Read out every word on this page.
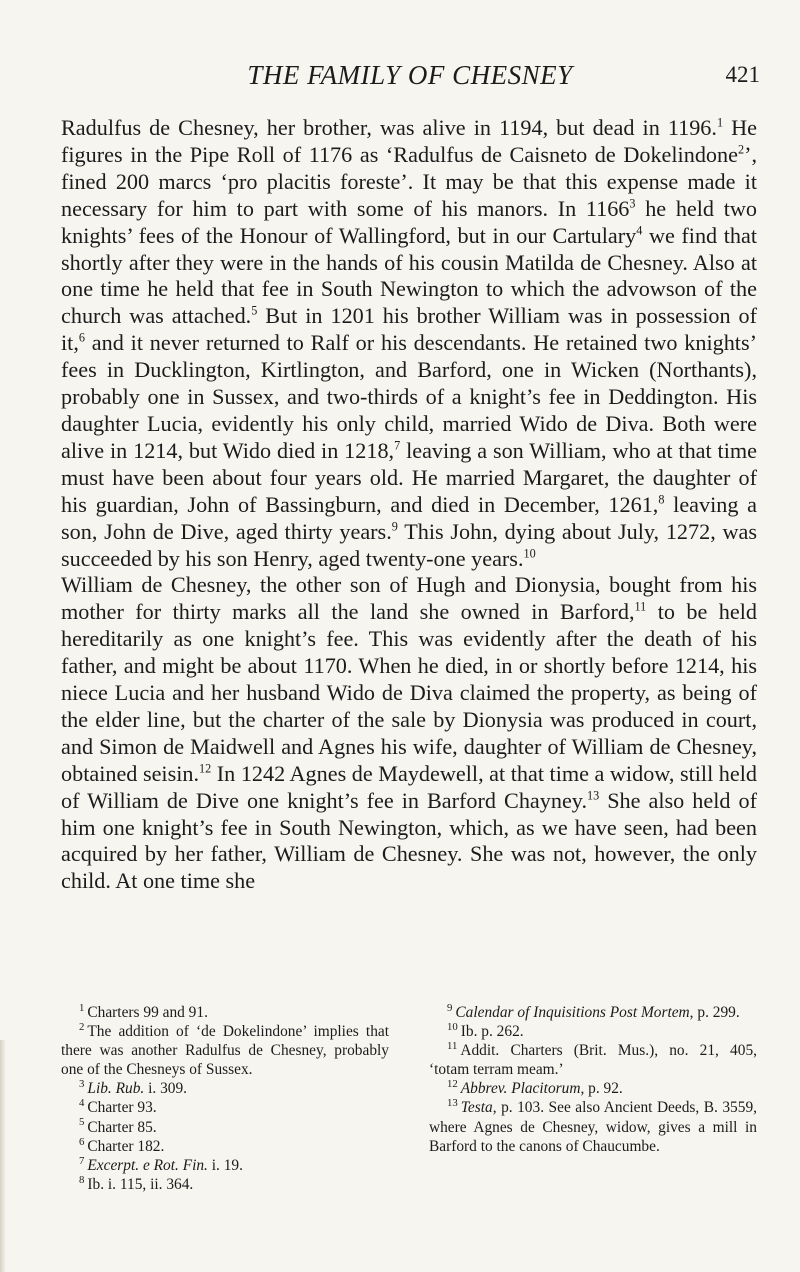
THE FAMILY OF CHESNEY	421

Radulfus de Chesney, her brother, was alive in 1194, but dead in 1196.$^1$ He figures in the Pipe Roll of 1176 as ‘Radulfus de Caisneto de Dokelindone$^2$’, fined 200 marcs ‘pro placitis foreste’. It may be that this expense made it necessary for him to part with some of his manors. In 1166$^3$ he held two knights’ fees of the Honour of Wallingford, but in our Cartulary$^4$ we find that shortly after they were in the hands of his cousin Matilda de Chesney. Also at one time he held that fee in South Newington to which the advowson of the church was attached.$^5$ But in 1201 his brother William was in possession of it,$^6$ and it never returned to Ralf or his descendants. He retained two knights’ fees in Ducklington, Kirtlington, and Barford, one in Wicken (Northants), probably one in Sussex, and two-thirds of a knight’s fee in Deddington. His daughter Lucia, evidently his only child, married Wido de Diva. Both were alive in 1214, but Wido died in 1218,$^7$ leaving a son William, who at that time must have been about four years old. He married Margaret, the daughter of his guardian, John of Bassingburn, and died in December, 1261,$^8$ leaving a son, John de Dive, aged thirty years.$^9$ This John, dying about July, 1272, was succeeded by his son Henry, aged twenty-one years.$^{10}$

William de Chesney, the other son of Hugh and Dionysia, bought from his mother for thirty marks all the land she owned in Barford,$^{11}$ to be held hereditarily as one knight’s fee. This was evidently after the death of his father, and might be about 1170. When he died, in or shortly before 1214, his niece Lucia and her husband Wido de Diva claimed the property, as being of the elder line, but the charter of the sale by Dionysia was produced in court, and Simon de Maidwell and Agnes his wife, daughter of William de Chesney, obtained seisin.$^{12}$ In 1242 Agnes de Maydewell, at that time a widow, still held of William de Dive one knight’s fee in Barford Chayney.$^{13}$ She also held of him one knight’s fee in South Newington, which, as we have seen, had been acquired by her father, William de Chesney. She was not, however, the only child. At one time she

$^1$ Charters 99 and 91.

$^2$ The addition of ‘de Dokelindone’ implies that there was another Radulfus de Chesney, probably one of the Chesneys of Sussex.

$^3$ Lib. Rub. i. 309.

$^4$ Charter 93.

$^5$ Charter 85.

$^6$ Charter 182.

$^7$ Excerpt. e Rot. Fin. i. 19.

$^8$ Ib. i. 115, ii. 364.

$^9$ Calendar of Inquisitions Post Mortem, p. 299.

$^{10}$ Ib. p. 262.

$^{11}$ Addit. Charters (Brit. Mus.), no. 21, 405, ‘totam terram meam.’

$^{12}$ Abbrev. Placitorum, p. 92.

$^{13}$ Testa, p. 103. See also Ancient Deeds, B. 3559, where Agnes de Chesney, widow, gives a mill in Barford to the canons of Chaucumbe.
